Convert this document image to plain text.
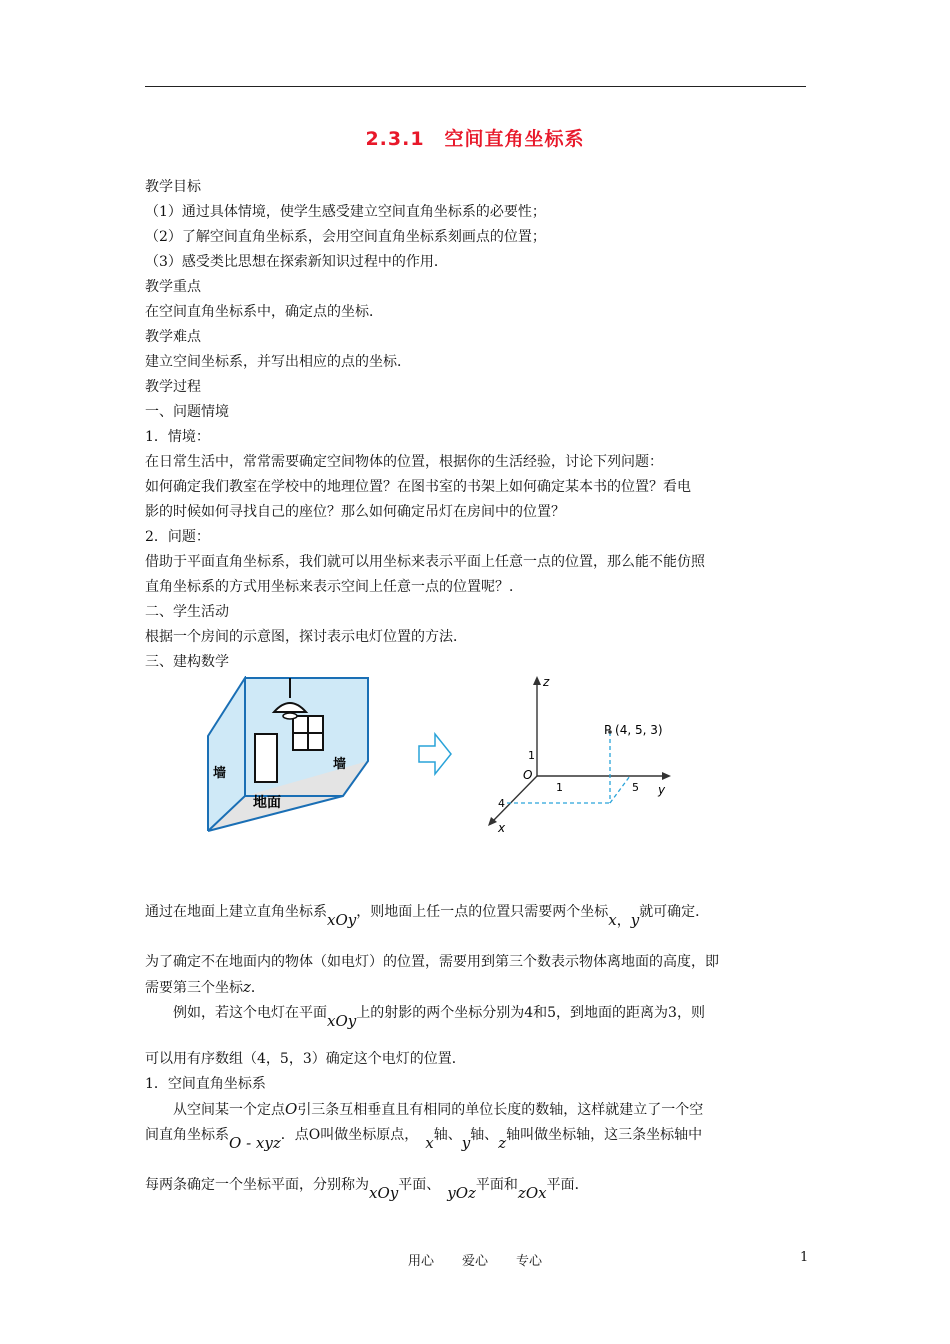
2.3.1　空间直角坐标系
教学目标
（1）通过具体情境，使学生感受建立空间直角坐标系的必要性；
（2）了解空间直角坐标系，会用空间直角坐标系刻画点的位置；
（3）感受类比思想在探索新知识过程中的作用．
教学重点
在空间直角坐标系中，确定点的坐标．
教学难点
建立空间坐标系，并写出相应的点的坐标．
教学过程
一、问题情境
1．情境：
在日常生活中，常常需要确定空间物体的位置，根据你的生活经验，讨论下列问题：
如何确定我们教室在学校中的地理位置？在图书室的书架上如何确定某本书的位置？看电
影的时候如何寻找自己的座位？那么如何确定吊灯在房间中的位置？
2．问题：
借助于平面直角坐标系，我们就可以用坐标来表示平面上任意一点的位置，那么能不能仿照
直角坐标系的方式用坐标来表示空间上任意一点的位置呢？．
二、学生活动
根据一个房间的示意图，探讨表示电灯位置的方法．
三、建构数学
墙
墙
地面
z
y
x
O
1
1	5
4
P (4, 5, 3)
通过在地面上建立直角坐标系xOy，则地面上任一点的位置只需要两个坐标x，y就可确定．
为了确定不在地面内的物体（如电灯）的位置，需要用到第三个数表示物体离地面的高度，即
需要第三个坐标z．
例如，若这个电灯在平面xOy上的射影的两个坐标分别为4和5，到地面的距离为3，则
可以用有序数组（4，5，3）确定这个电灯的位置．
1．空间直角坐标系
从空间某一个定点O引三条互相垂直且有相同的单位长度的数轴，这样就建立了一个空
间直角坐标系O - xyz．点O叫做坐标原点，　 x轴、y轴、z轴叫做坐标轴，这三条坐标轴中
每两条确定一个坐标平面，分别称为xOy平面、　 yOz平面和zOx平面．
用心 爱心 专心	1
